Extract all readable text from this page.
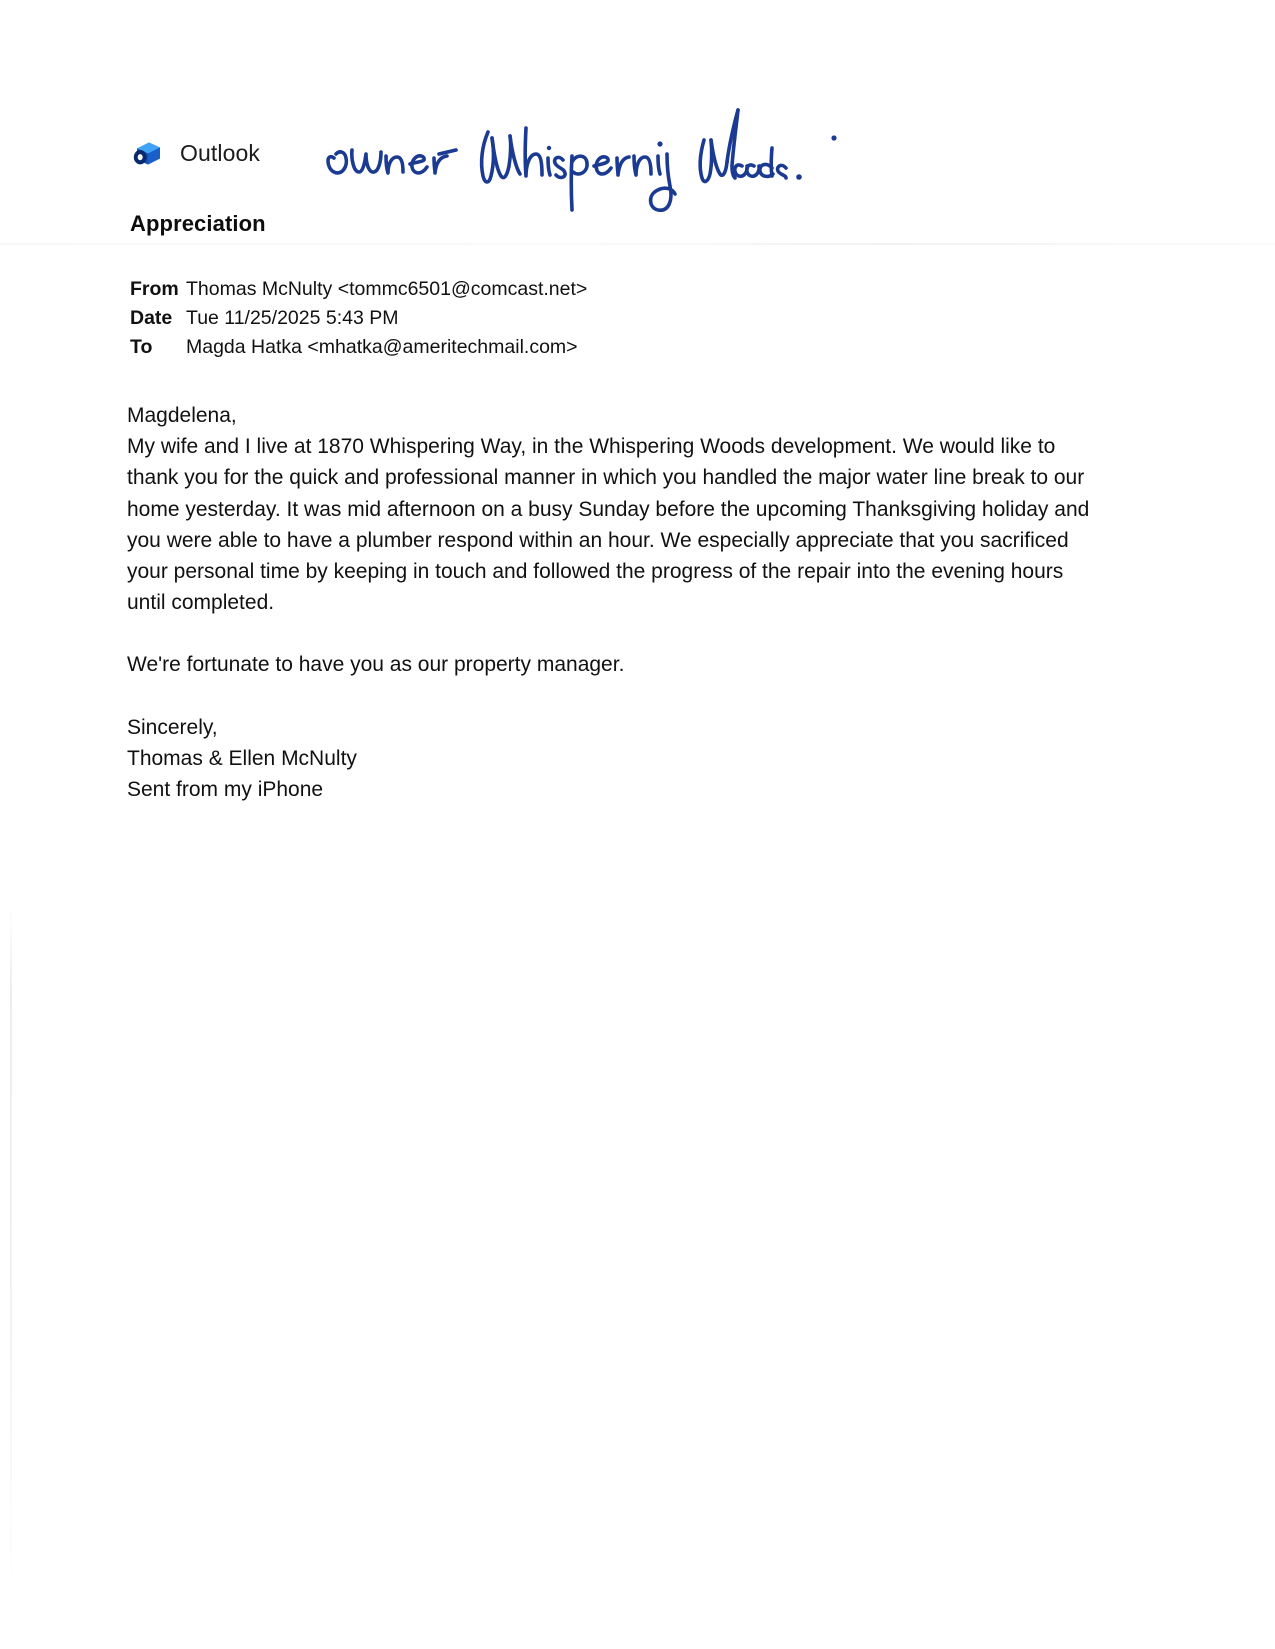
Outlook
Appreciation
From Thomas McNulty <tommc6501@comcast.net>
Date Tue 11/25/2025 5:43 PM
To	Magda Hatka <mhatka@ameritechmail.com>

Magdelena,

My wife and I live at 1870 Whispering Way, in the Whispering Woods development. We would like to

thank you for the quick and professional manner in which you handled the major water line break to our

home yesterday. It was mid afternoon on a busy Sunday before the upcoming Thanksgiving holiday and

you were able to have a plumber respond within an hour. We especially appreciate that you sacrificed

your personal time by keeping in touch and followed the progress of the repair into the evening hours

until completed.

We're fortunate to have you as our property manager.

Sincerely,

Thomas & Ellen McNulty

Sent from my iPhone
